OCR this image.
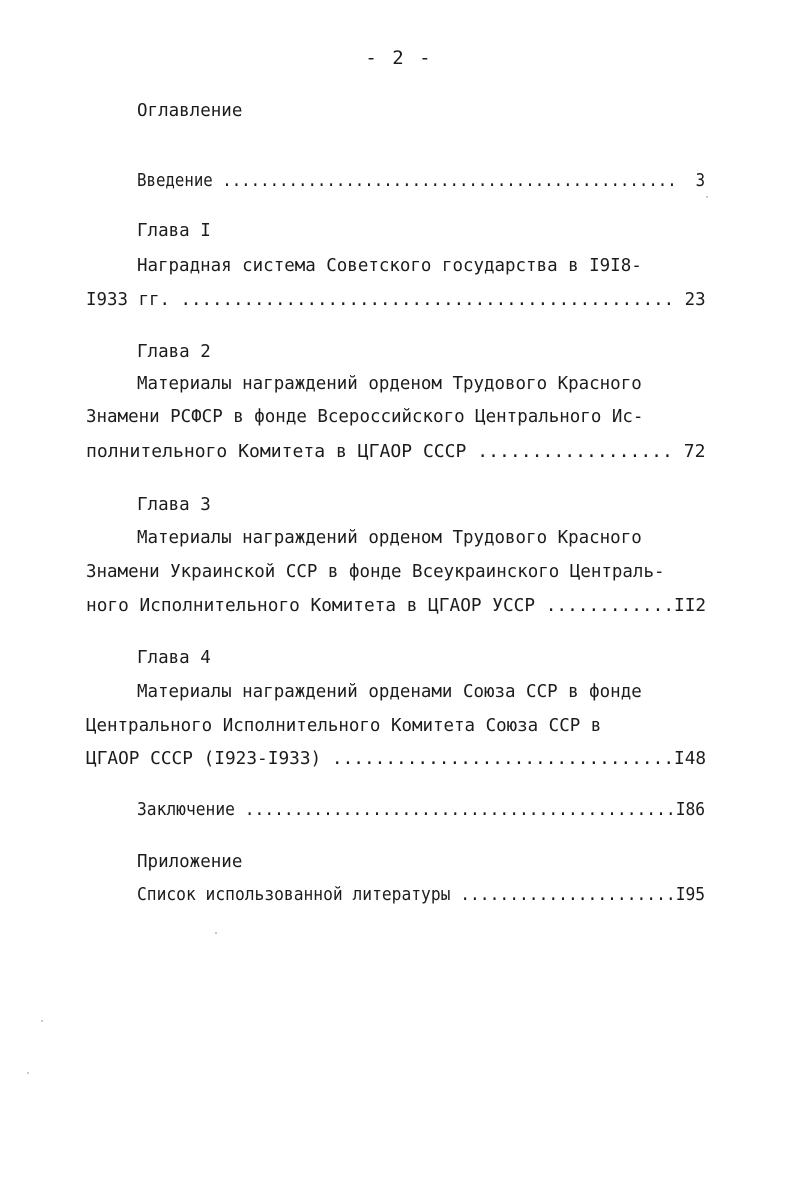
- 2 -
Оглавление
Введение ................................................  3
Глава I
Наградная система Советского государства в I9I8-
I933 гг. ............................................... 23
Глава 2
Материалы награждений орденом Трудового Красного
Знамени РСФСР в фонде Всероссийского Центрального Ис-
полнительного Комитета в ЦГАОР СССР .................. 72
Глава 3
Материалы награждений орденом Трудового Красного
Знамени Украинской ССР в фонде Всеукраинского Централь-
ного Исполнительного Комитета в ЦГАОР УССР ............II2
Глава 4
Материалы награждений орденами Союза ССР в фонде
Центрального Исполнительного Комитета Союза ССР в
ЦГАОР СССР (I923-I933) ................................I48
Заключение ............................................I86
Приложение
Список использованной литературы ......................I95
